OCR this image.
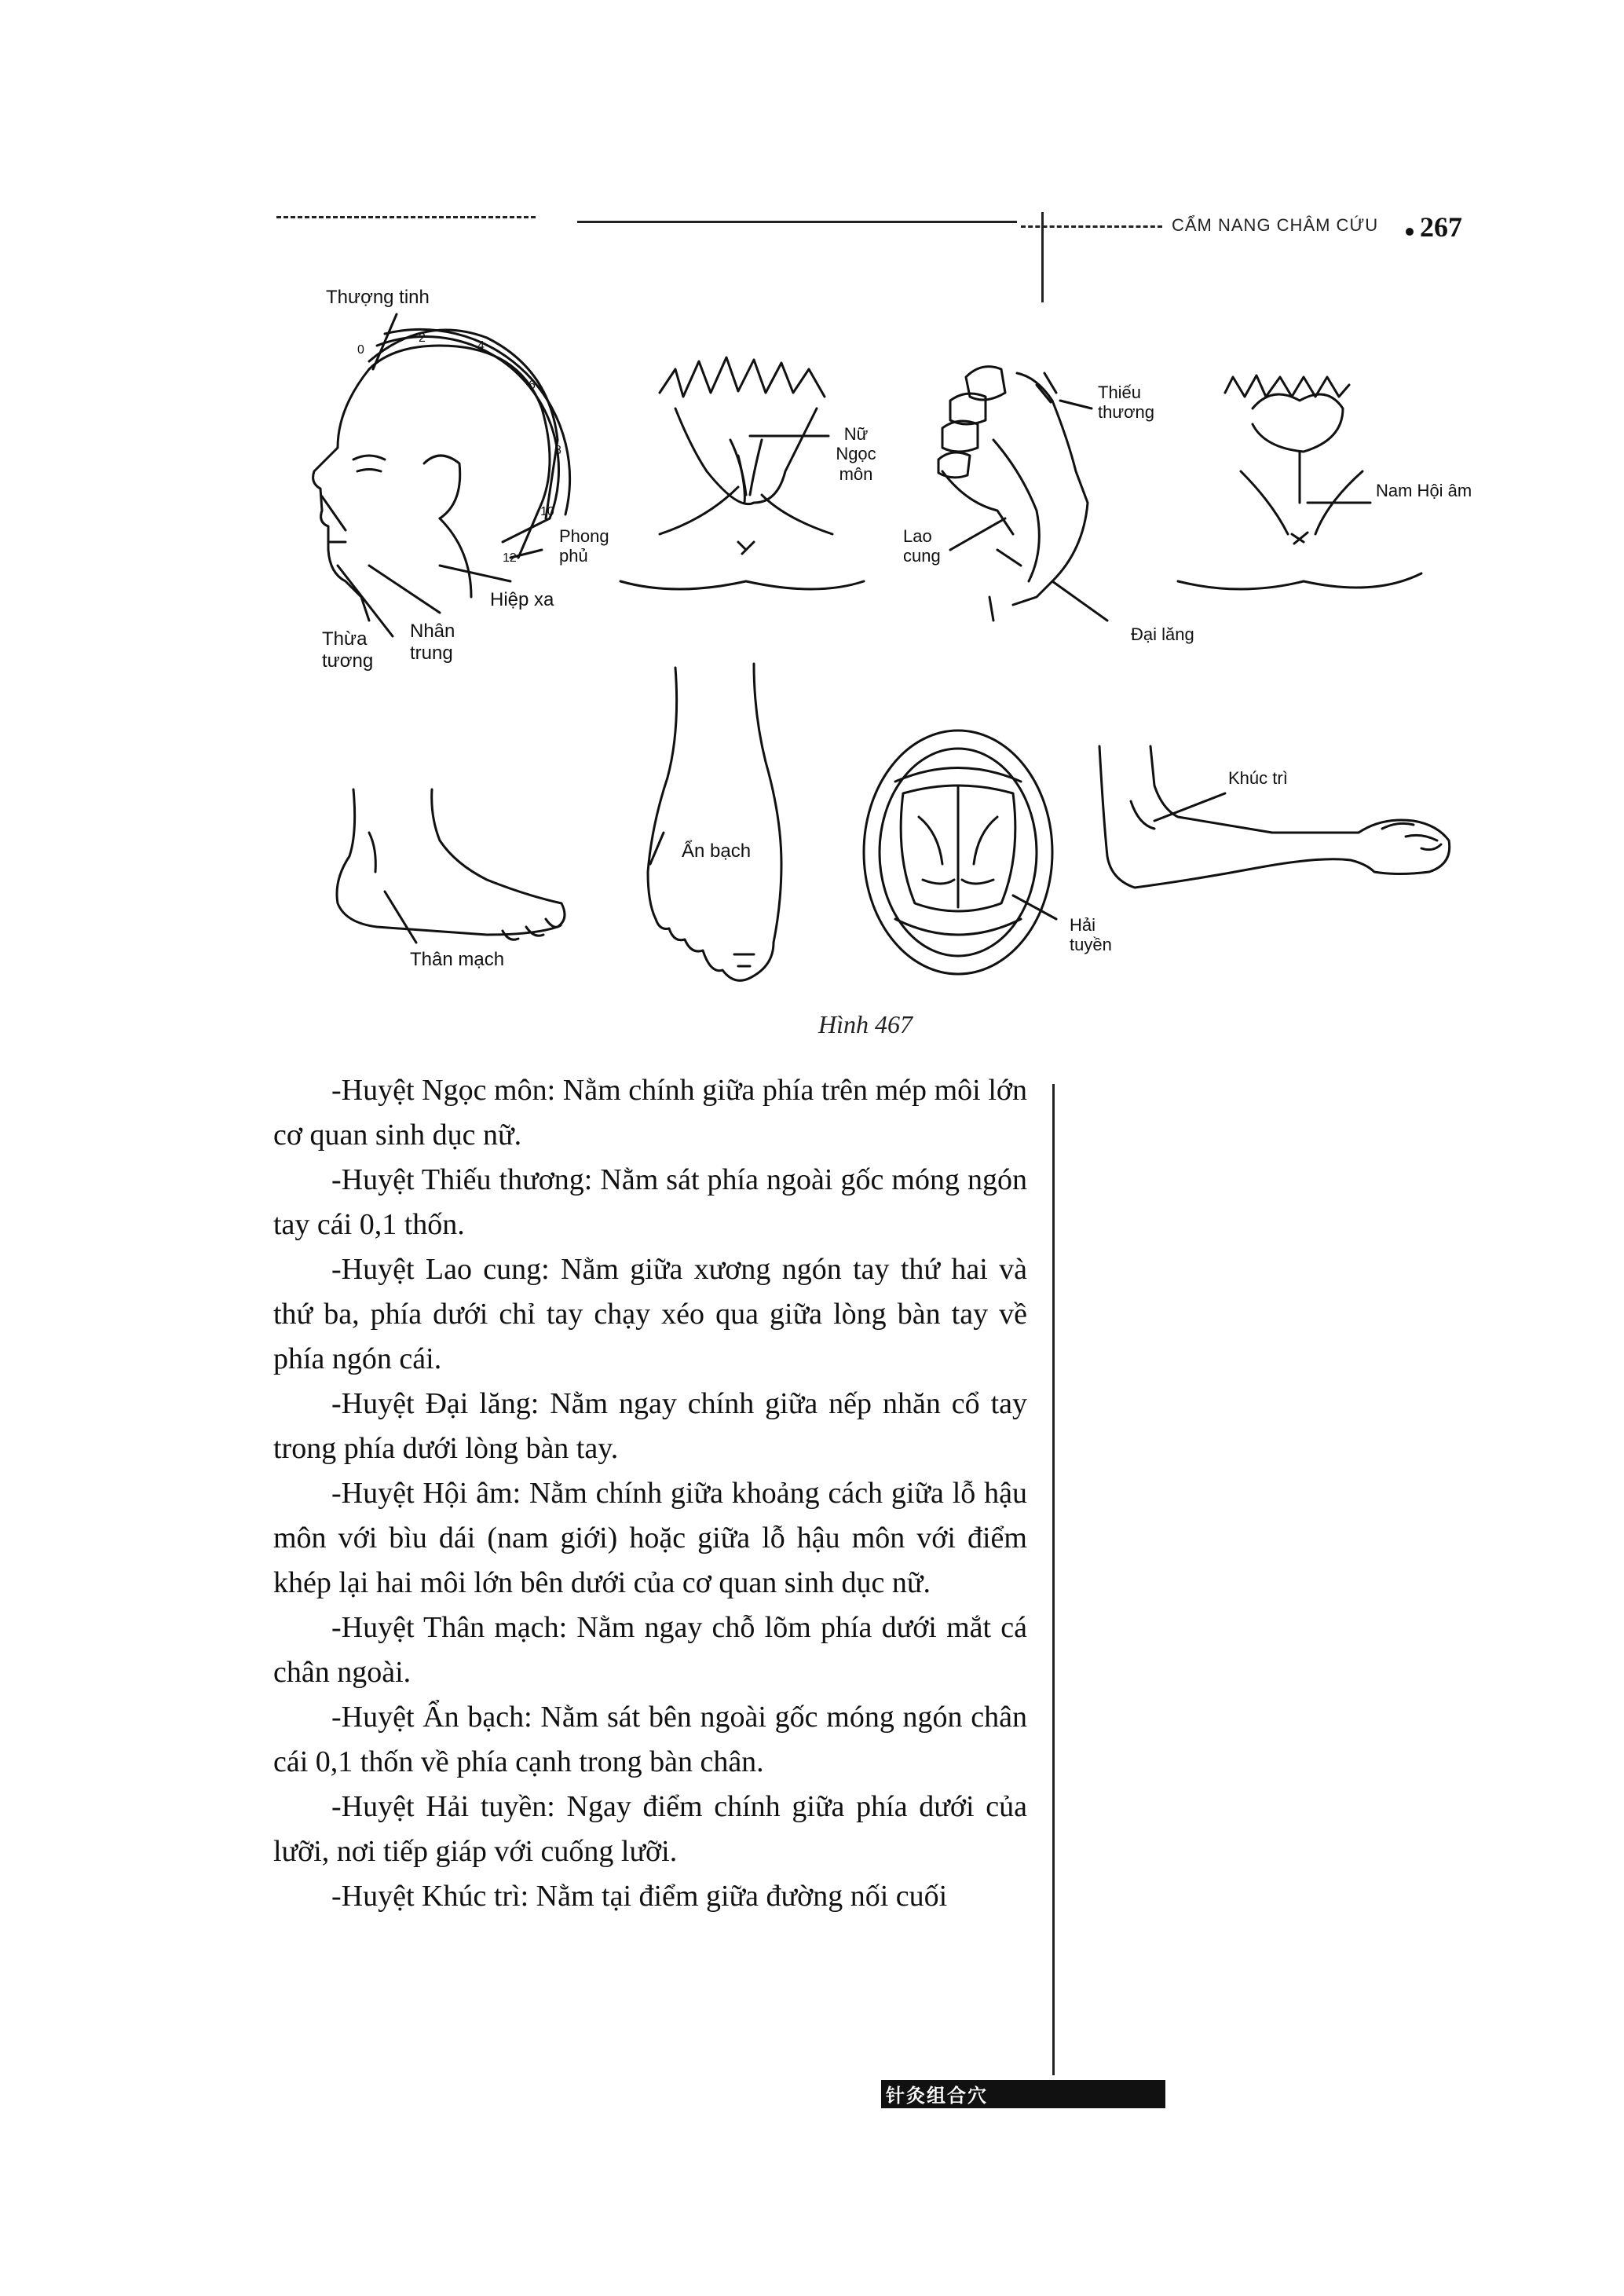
CẨM NANG CHÂM CỨU 267
Thượng tinh
0
2
4
6
8
10
12
Phong phủ
Hiệp xa
Thừa tương
Nhân trung
Nữ Ngọc môn
Thiếu thương
Lao cung
Đại lăng
Nam Hội âm
Thân mạch
Ẩn bạch
Hải tuyền
Khúc trì
Hình 467

-Huyệt Ngọc môn: Nằm chính giữa phía trên mép môi lớn cơ quan sinh dục nữ.

-Huyệt Thiếu thương: Nằm sát phía ngoài gốc móng ngón tay cái 0,1 thốn.

-Huyệt Lao cung: Nằm giữa xương ngón tay thứ hai và thứ ba, phía dưới chỉ tay chạy xéo qua giữa lòng bàn tay về phía ngón cái.

-Huyệt Đại lăng: Nằm ngay chính giữa nếp nhăn cổ tay trong phía dưới lòng bàn tay.

-Huyệt Hội âm: Nằm chính giữa khoảng cách giữa lỗ hậu môn với bìu dái (nam giới) hoặc giữa lỗ hậu môn với điểm khép lại hai môi lớn bên dưới của cơ quan sinh dục nữ.

-Huyệt Thân mạch: Nằm ngay chỗ lõm phía dưới mắt cá chân ngoài.

-Huyệt Ẩn bạch: Nằm sát bên ngoài gốc móng ngón chân cái 0,1 thốn về phía cạnh trong bàn chân.

-Huyệt Hải tuyền: Ngay điểm chính giữa phía dưới của lưỡi, nơi tiếp giáp với cuống lưỡi.

-Huyệt Khúc trì: Nằm tại điểm giữa đường nối cuối

针灸组合穴
